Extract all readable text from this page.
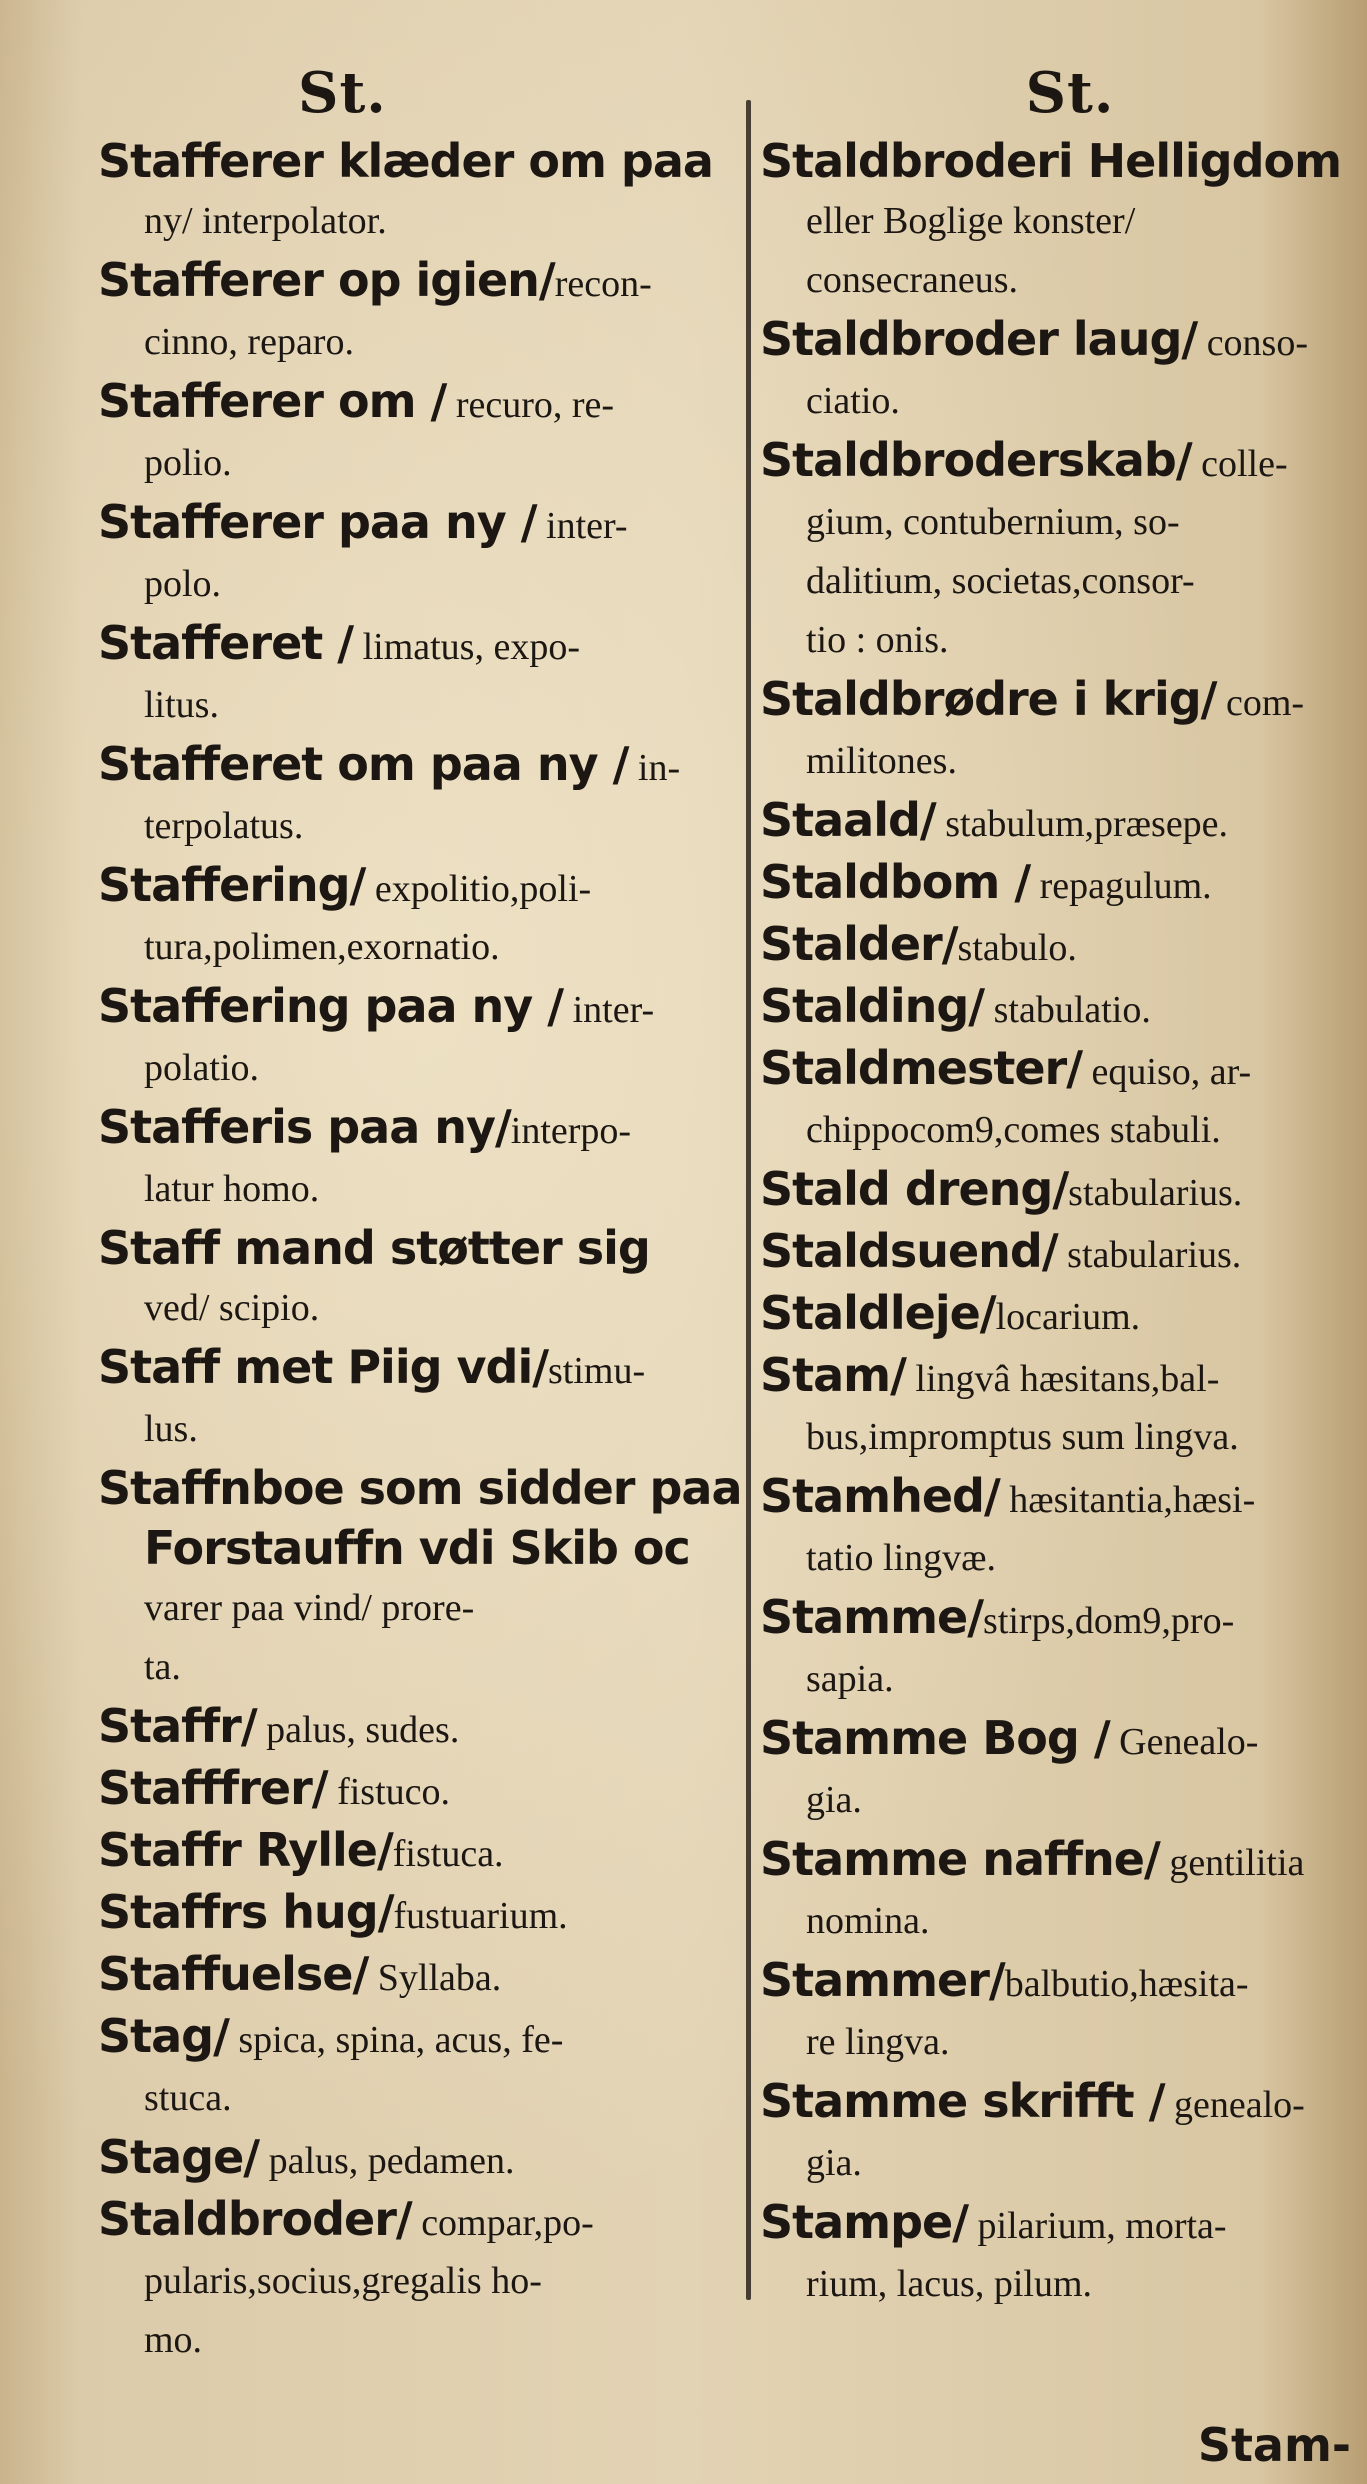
St.
Stafferer klæder om paa
ny/ interpolator.
Stafferer op igien/recon-
cinno, reparo.
Stafferer om / recuro, re-
polio.
Stafferer paa ny / inter-
polo.
Stafferet / limatus, expo-
litus.
Stafferet om paa ny / in-
terpolatus.
Staffering/ expolitio,poli-
tura,polimen,exornatio.
Staffering paa ny / inter-
polatio.
Stafferis paa ny/interpo-
latur homo.
Staff mand støtter sig
ved/ scipio.
Staff met Piig vdi/stimu-
lus.
Staffnboe som sidder paa
Forstauffn vdi Skib oc
varer paa vind/ prore-
ta.
Staffr/ palus, sudes.
Stafffrer/ fistuco.
Staffr Rylle/fistuca.
Staffrs hug/fustuarium.
Staffuelse/ Syllaba.
Stag/ spica, spina, acus, fe-
stuca.
Stage/ palus, pedamen.
Staldbroder/ compar,po-
pularis,socius,gregalis ho-
mo.
St.
Staldbroderi Helligdom
eller Boglige konster/
consecraneus.
Staldbroder laug/ conso-
ciatio.
Staldbroderskab/ colle-
gium, contubernium, so-
dalitium, societas,consor-
tio : onis.
Staldbrødre i krig/ com-
militones.
Staald/ stabulum,præsepe.
Staldbom / repagulum.
Stalder/stabulo.
Stalding/ stabulatio.
Staldmester/ equiso, ar-
chippocom9,comes stabuli.
Stald dreng/stabularius.
Staldsuend/ stabularius.
Staldleje/locarium.
Stam/ lingvâ hæsitans,bal-
bus,impromptus sum lingva.
Stamhed/ hæsitantia,hæsi-
tatio lingvæ.
Stamme/stirps,dom9,pro-
sapia.
Stamme Bog / Genealo-
gia.
Stamme naffne/ gentilitia
nomina.
Stammer/balbutio,hæsita-
re lingva.
Stamme skrifft / genealo-
gia.
Stampe/ pilarium, morta-
rium, lacus, pilum.
Stam-
